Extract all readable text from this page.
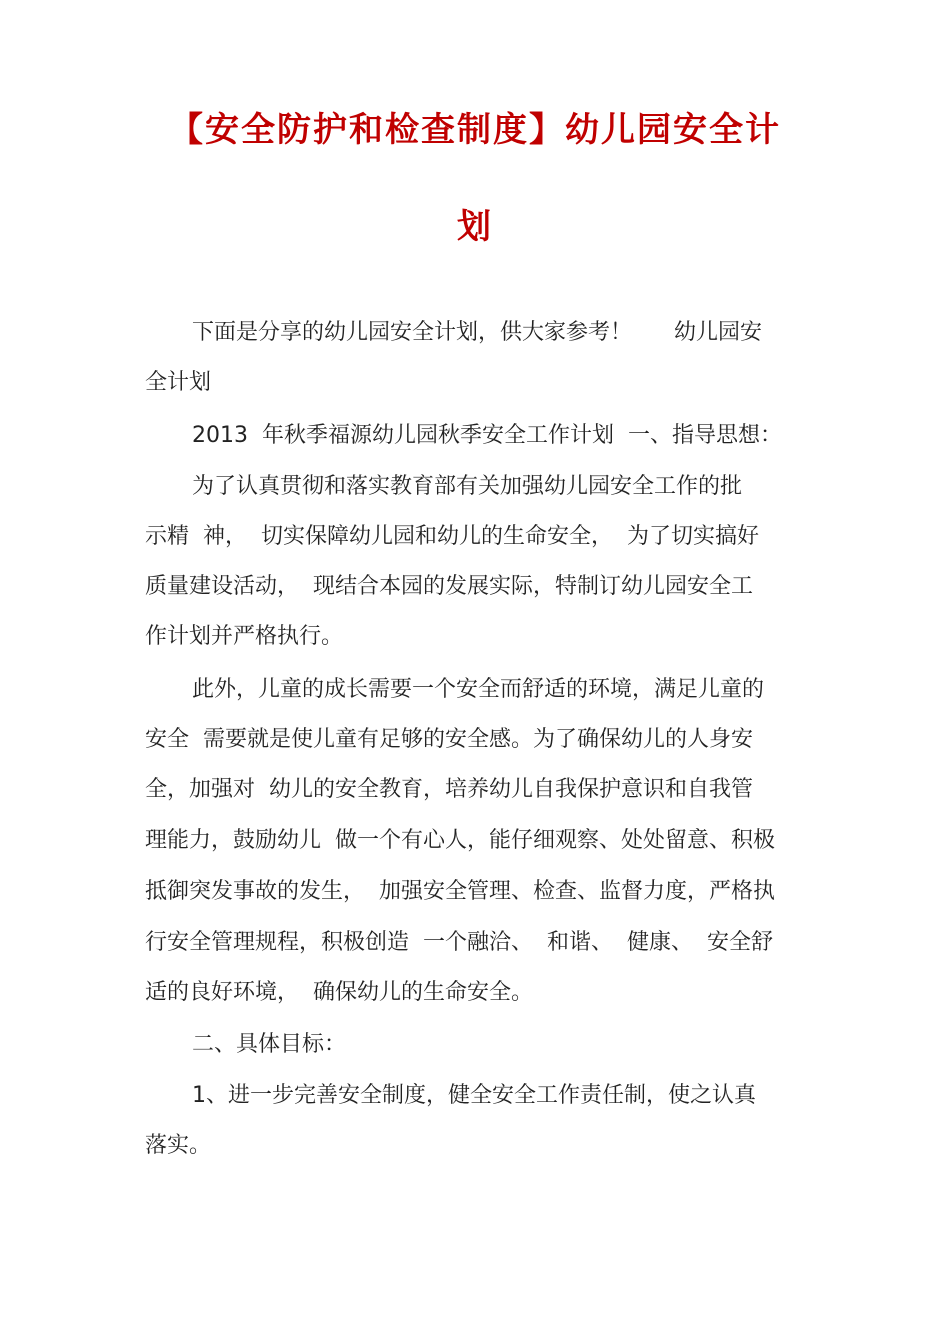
【安全防护和检查制度】幼儿园安全计
划
下面是分享的幼儿园安全计划，供大家参考！      幼儿园安
全计划
2013  年秋季福源幼儿园秋季安全工作计划  一、指导思想：
为了认真贯彻和落实教育部有关加强幼儿园安全工作的批
示精  神，  切实保障幼儿园和幼儿的生命安全，  为了切实搞好
质量建设活动，  现结合本园的发展实际，特制订幼儿园安全工
作计划并严格执行。
此外，儿童的成长需要一个安全而舒适的环境，满足儿童的
安全  需要就是使儿童有足够的安全感。为了确保幼儿的人身安
全，加强对  幼儿的安全教育，培养幼儿自我保护意识和自我管
理能力，鼓励幼儿  做一个有心人，能仔细观察、处处留意、积极
抵御突发事故的发生，  加强安全管理、检查、监督力度，严格执
行安全管理规程，积极创造  一个融洽、  和谐、  健康、  安全舒
适的良好环境，  确保幼儿的生命安全。
二、具体目标：
1、进一步完善安全制度，健全安全工作责任制，使之认真
落实。
